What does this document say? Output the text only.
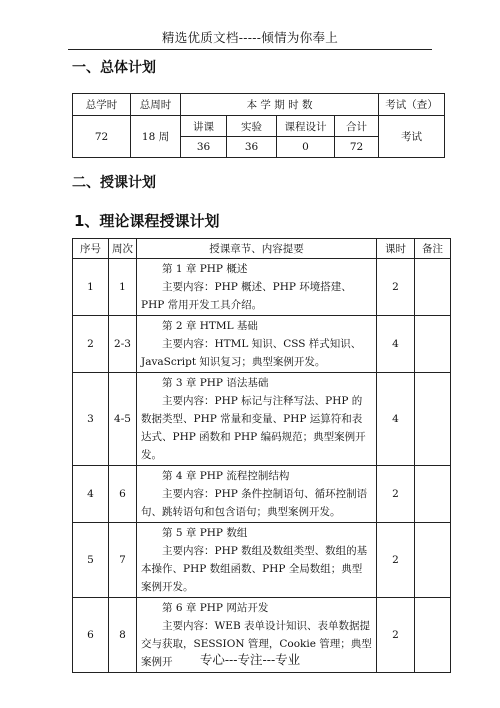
精选优质文档-----倾情为你奉上
一、总体计划
总学时	总周时	本 学 期 时 数				考试（查）
72	18 周	讲课	实验	课程设计	合计	考试
		36	36	0	72	
二、授课计划
1、理论课程授课计划
序号	周次	授课章节、内容提要	课时	备注
1	1	第 1 章 PHP 概述
主要内容：PHP 概述、PHP 环境搭建、PHP 常用开发工具介绍。	2	
2	2-3	第 2 章 HTML 基础
主要内容：HTML 知识、CSS 样式知识、JavaScript 知识复习；典型案例开发。	4	
3	4-5	第 3 章 PHP 语法基础
主要内容：PHP 标记与注释写法、PHP 的数据类型、PHP 常量和变量、PHP 运算符和表达式、PHP 函数和 PHP 编码规范；典型案例开发。	4	
4	6	第 4 章 PHP 流程控制结构
主要内容：PHP 条件控制语句、循环控制语句、跳转语句和包含语句；典型案例开发。	2	
5	7	第 5 章 PHP 数组
主要内容：PHP 数组及数组类型、数组的基本操作、PHP 数组函数、PHP 全局数组；典型案例开发。	2	
6	8	第 6 章 PHP 网站开发
主要内容：WEB 表单设计知识、表单数据提交与获取，SESSION 管理，Cookie 管理；典型案例开	2	
专心---专注---专业
